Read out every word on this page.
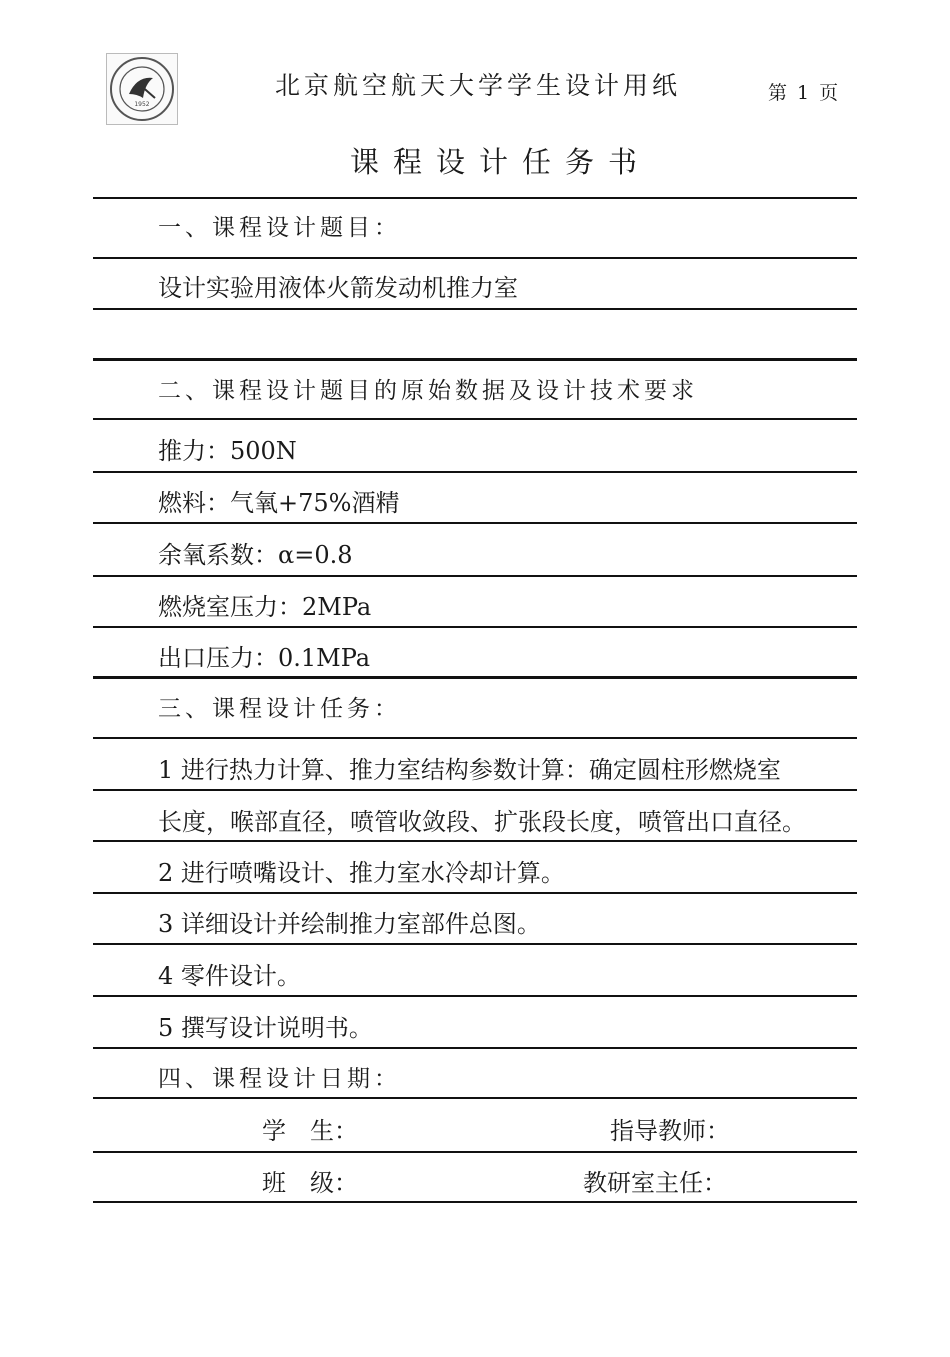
1952
北京航空航天大学学生设计用纸	第 1 页
课程设计任务书
一、课程设计题目：
设计实验用液体火箭发动机推力室
二、课程设计题目的原始数据及设计技术要求
推力：500N
燃料：气氧+75%酒精
余氧系数：α=0.8
燃烧室压力：2MPa
出口压力：0.1MPa
三、课程设计任务：
1 进行热力计算、推力室结构参数计算：确定圆柱形燃烧室
长度，喉部直径，喷管收敛段、扩张段长度，喷管出口直径。
2 进行喷嘴设计、推力室水冷却计算。
3 详细设计并绘制推力室部件总图。
4 零件设计。
5 撰写设计说明书。
四、课程设计日期：
学　生：	指导教师：
班　级：	教研室主任：
